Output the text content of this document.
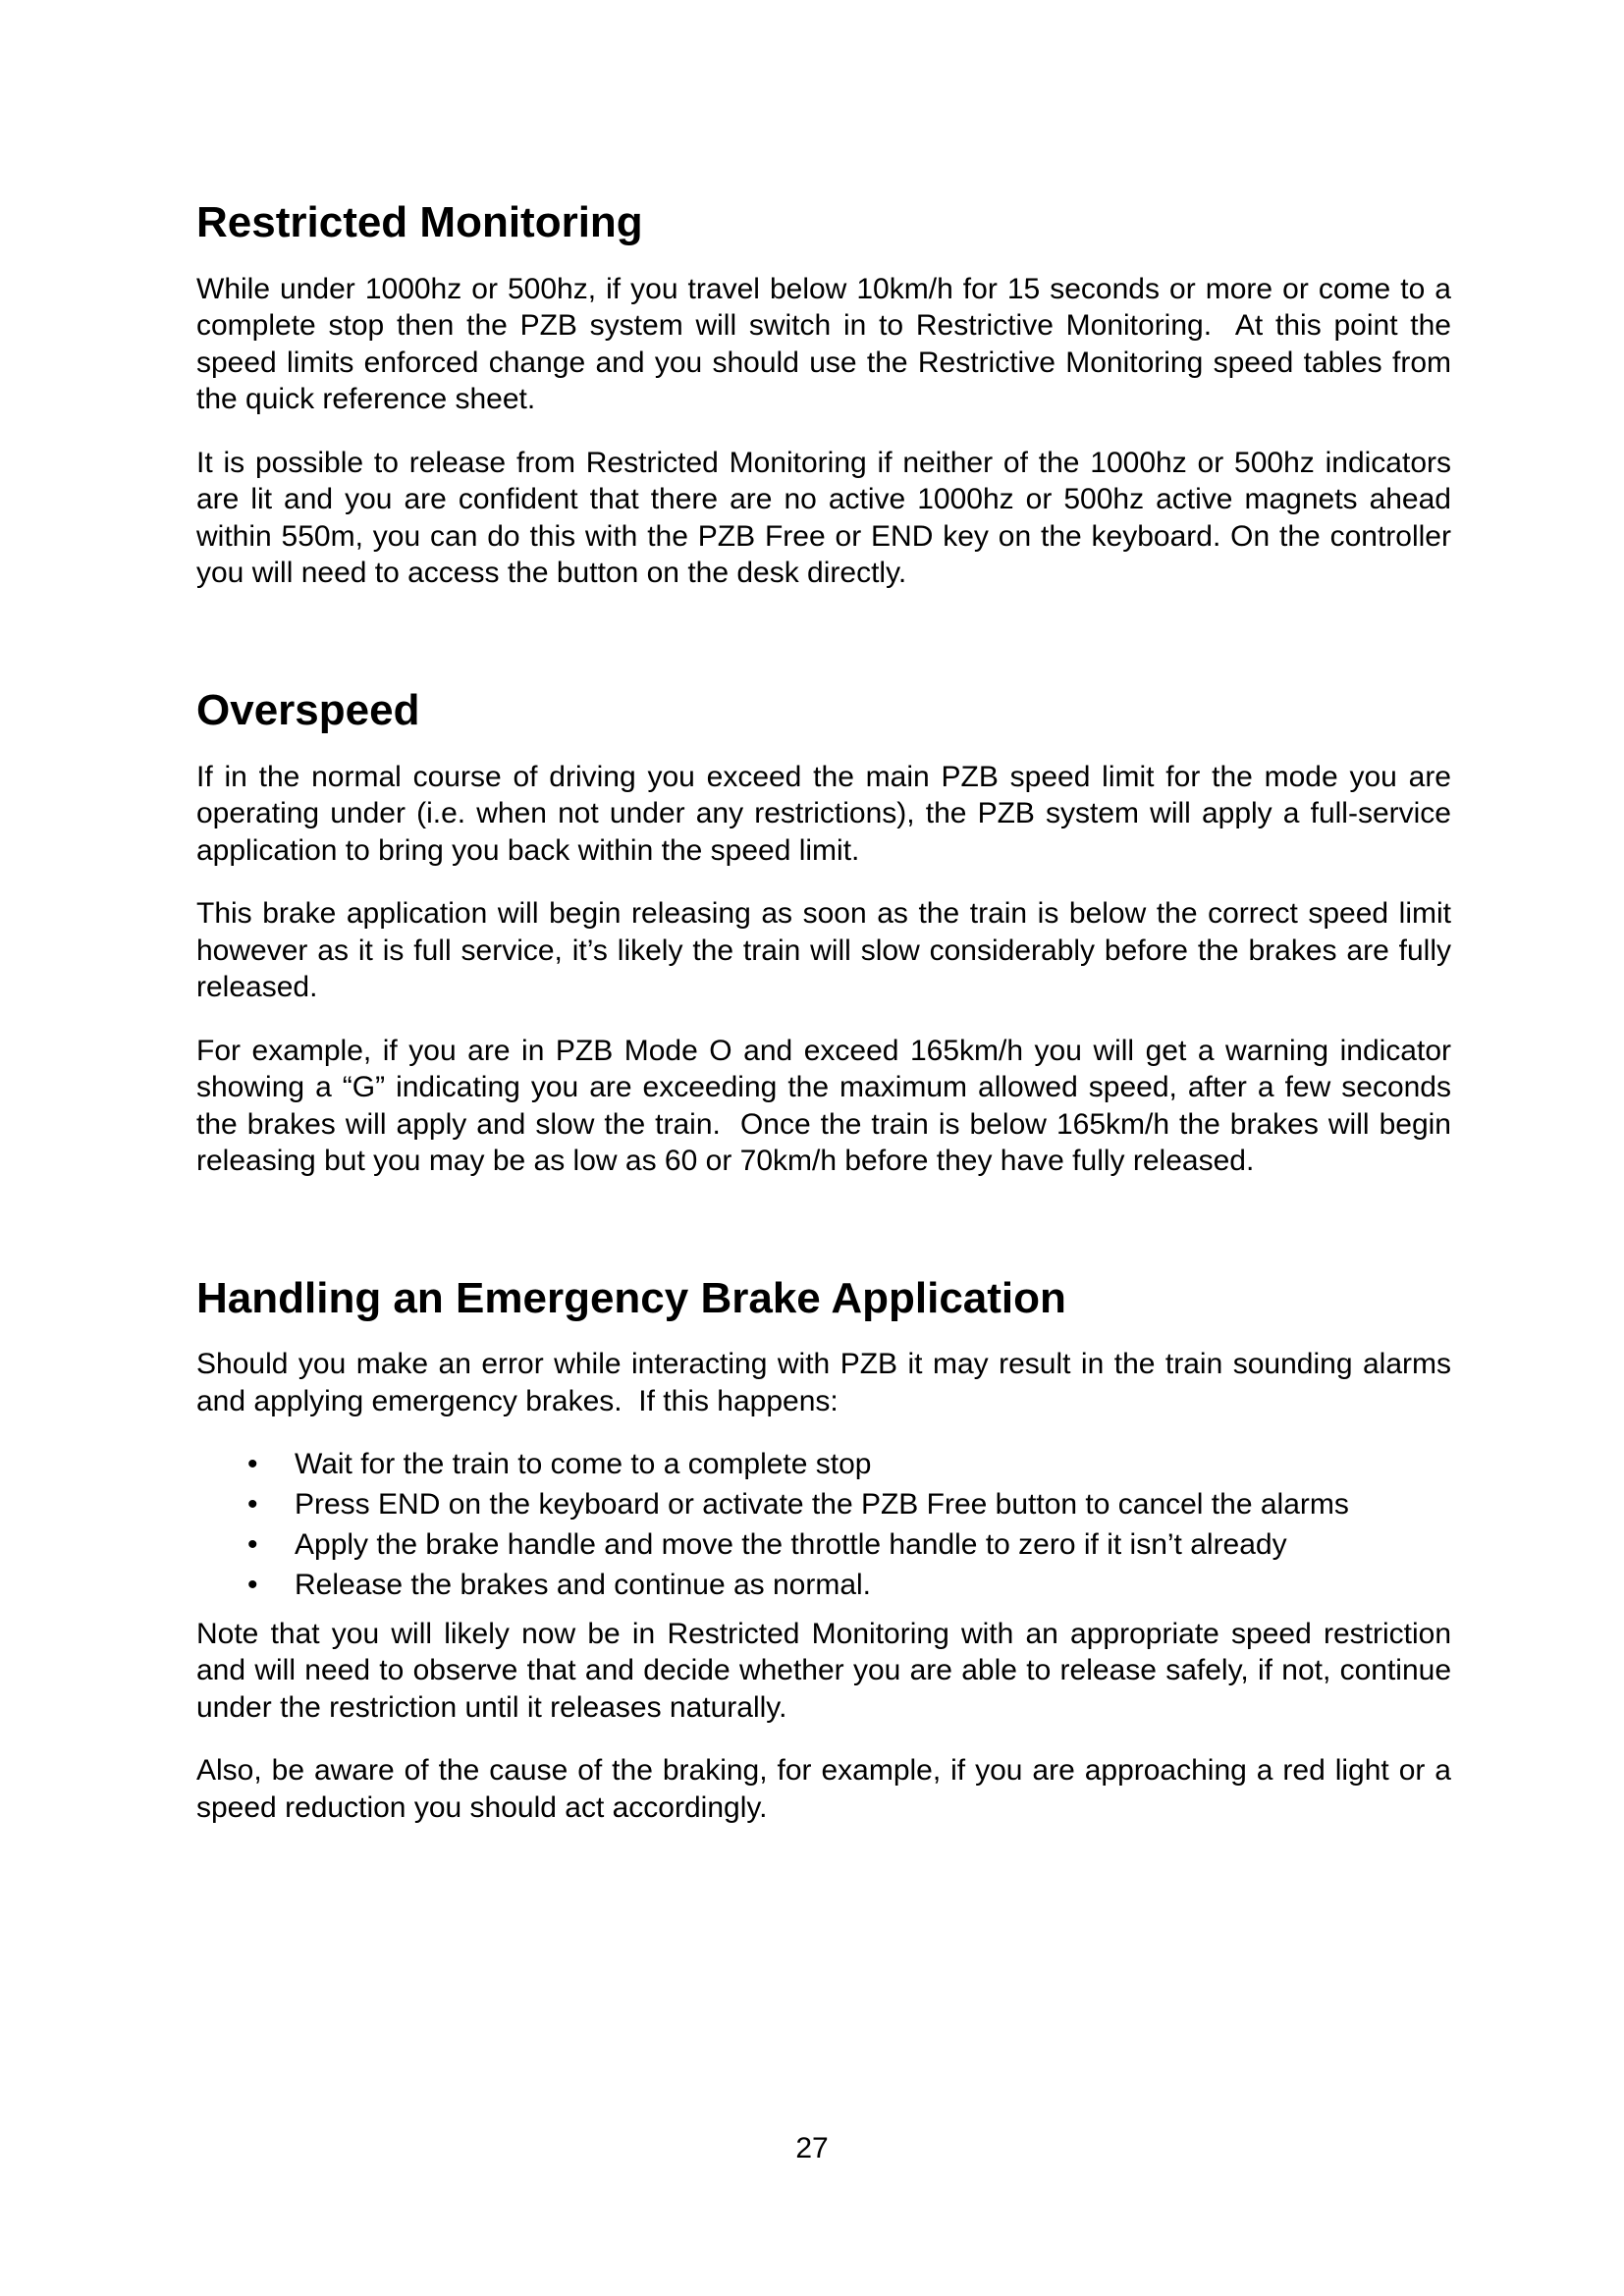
Restricted Monitoring

While under 1000hz or 500hz, if you travel below 10km/h for 15 seconds or more or come to a complete stop then the PZB system will switch in to Restrictive Monitoring.  At this point the speed limits enforced change and you should use the Restrictive Monitoring speed tables from the quick reference sheet.

It is possible to release from Restricted Monitoring if neither of the 1000hz or 500hz indicators are lit and you are confident that there are no active 1000hz or 500hz active magnets ahead within 550m, you can do this with the PZB Free or END key on the keyboard. On the controller you will need to access the button on the desk directly.

Overspeed

If in the normal course of driving you exceed the main PZB speed limit for the mode you are operating under (i.e. when not under any restrictions), the PZB system will apply a full-service application to bring you back within the speed limit.

This brake application will begin releasing as soon as the train is below the correct speed limit however as it is full service, it’s likely the train will slow considerably before the brakes are fully released.

For example, if you are in PZB Mode O and exceed 165km/h you will get a warning indicator showing a “G” indicating you are exceeding the maximum allowed speed, after a few seconds the brakes will apply and slow the train.  Once the train is below 165km/h the brakes will begin releasing but you may be as low as 60 or 70km/h before they have fully released.

Handling an Emergency Brake Application

Should you make an error while interacting with PZB it may result in the train sounding alarms and applying emergency brakes.  If this happens:

•	Wait for the train to come to a complete stop
•	Press END on the keyboard or activate the PZB Free button to cancel the alarms
•	Apply the brake handle and move the throttle handle to zero if it isn’t already
•	Release the brakes and continue as normal.

Note that you will likely now be in Restricted Monitoring with an appropriate speed restriction and will need to observe that and decide whether you are able to release safely, if not, continue under the restriction until it releases naturally.

Also, be aware of the cause of the braking, for example, if you are approaching a red light or a speed reduction you should act accordingly.

27
